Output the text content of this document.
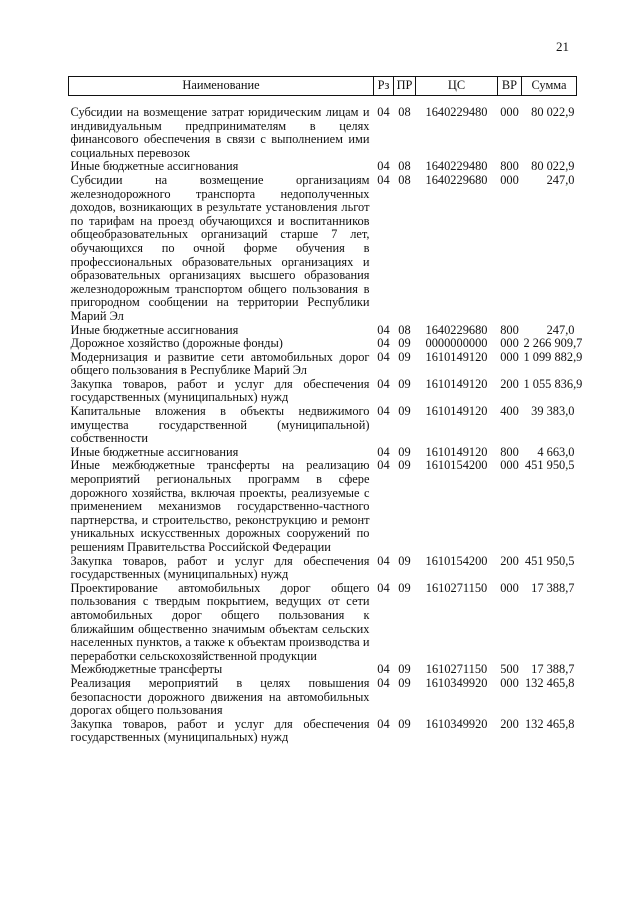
21
Наименование	Рз	ПР	ЦС	ВР	Сумма

Субсидии на возмещение затрат юридическим лицам и индивидуальным предпринимателям в целях финансового обеспечения в связи с выполнением ими социальных перевозок	04	08	1640229480	000	80 022,9
Иные бюджетные ассигнования	04	08	1640229480	800	80 022,9
Субсидии на возмещение организациям железнодорожного транспорта недополученных доходов, возникающих в результате установления льгот по тарифам на проезд обучающихся и воспитанников общеобразовательных организаций старше 7 лет, обучающихся по очной форме обучения в профессиональных образовательных организациях и образовательных организациях высшего образования железнодорожным транспортом общего пользования в пригородном сообщении на территории Республики Марий Эл	04	08	1640229680	000	247,0
Иные бюджетные ассигнования	04	08	1640229680	800	247,0
Дорожное хозяйство (дорожные фонды)	04	09	0000000000	000	2 266 909,7
Модернизация и развитие сети автомобильных дорог общего пользования в Республике Марий Эл	04	09	1610149120	000	1 099 882,9
Закупка товаров, работ и услуг для обеспечения государственных (муниципальных) нужд	04	09	1610149120	200	1 055 836,9
Капитальные вложения в объекты недвижимого имущества государственной (муниципальной) собственности	04	09	1610149120	400	39 383,0
Иные бюджетные ассигнования	04	09	1610149120	800	4 663,0
Иные межбюджетные трансферты на реализацию мероприятий региональных программ в сфере дорожного хозяйства, включая проекты, реализуемые с применением механизмов государственно-частного партнерства, и строительство, реконструкцию и ремонт уникальных искусственных дорожных сооружений по решениям Правительства Российской Федерации	04	09	1610154200	000	451 950,5
Закупка товаров, работ и услуг для обеспечения государственных (муниципальных) нужд	04	09	1610154200	200	451 950,5
Проектирование автомобильных дорог общего пользования с твердым покрытием, ведущих от сети автомобильных дорог общего пользования к ближайшим общественно значимым объектам сельских населенных пунктов, а также к объектам производства и переработки сельскохозяйственной продукции	04	09	1610271150	000	17 388,7
Межбюджетные трансферты	04	09	1610271150	500	17 388,7
Реализация мероприятий в целях повышения безопасности дорожного движения на автомобильных дорогах общего пользования	04	09	1610349920	000	132 465,8
Закупка товаров, работ и услуг для обеспечения государственных (муниципальных) нужд	04	09	1610349920	200	132 465,8
